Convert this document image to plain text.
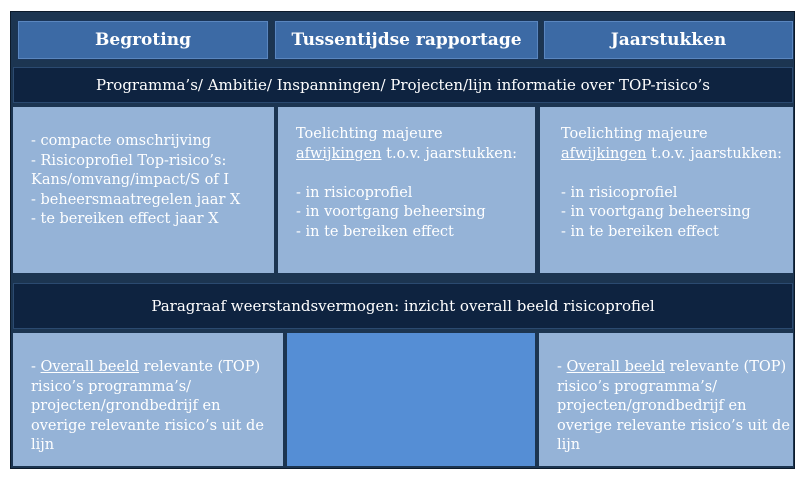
Begroting	Tussentijdse rapportage	Jaarstukken
Programma’s/ Ambitie/ Inspanningen/ Projecten/lijn informatie over TOP-risico’s
- compacte omschrijving
- Risicoprofiel Top-risico’s:
Kans/omvang/impact/S of I
- beheersmaatregelen jaar X
- te bereiken effect jaar X
Toelichting majeure
afwijkingen t.o.v. jaarstukken:
- in risicoprofiel
- in voortgang beheersing
- in te bereiken effect
Toelichting majeure
afwijkingen t.o.v. jaarstukken:
- in risicoprofiel
- in voortgang beheersing
- in te bereiken effect
Paragraaf weerstandsvermogen: inzicht overall beeld risicoprofiel
- Overall beeld relevante (TOP)
risico’s programma’s/
projecten/grondbedrijf en
overige relevante risico’s uit de
lijn
- Overall beeld relevante (TOP)
risico’s programma’s/
projecten/grondbedrijf en
overige relevante risico’s uit de
lijn
